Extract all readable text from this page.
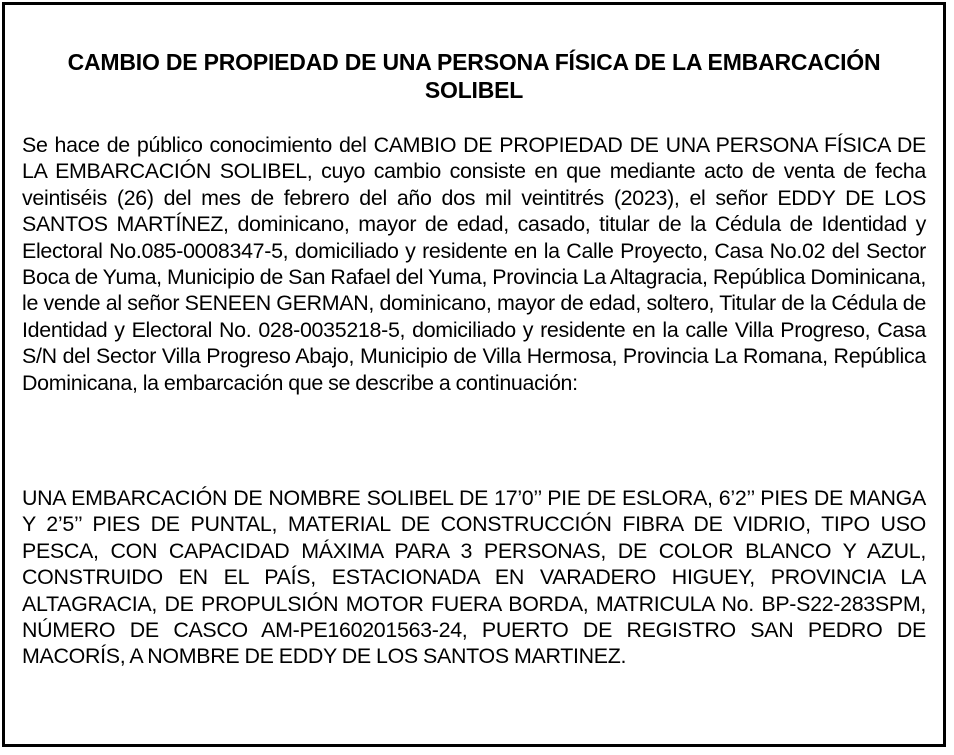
CAMBIO DE PROPIEDAD DE UNA PERSONA FÍSICA DE LA EMBARCACIÓN SOLIBEL

Se hace de público conocimiento del CAMBIO DE PROPIEDAD DE UNA PERSONA FÍSICA DE LA EMBARCACIÓN SOLIBEL, cuyo cambio consiste en que mediante acto de venta de fecha veintiséis (26) del mes de febrero del año dos mil veintitrés (2023), el señor EDDY DE LOS SANTOS MARTÍNEZ, dominicano, mayor de edad, casado, titular de la Cédula de Identidad y Electoral No.085-0008347-5, domiciliado y residente en la Calle Proyecto, Casa No.02 del Sector Boca de Yuma, Municipio de San Rafael del Yuma, Provincia La Altagracia, República Dominicana, le vende al señor SENEEN GERMAN, dominicano, mayor de edad, soltero, Titular de la Cédula de Identidad y Electoral No. 028-0035218-5, domiciliado y residente en la calle Villa Progreso, Casa S/N del Sector Villa Progreso Abajo, Municipio de Villa Hermosa, Provincia La Romana, República Dominicana, la embarcación que se describe a continuación:

UNA EMBARCACIÓN DE NOMBRE SOLIBEL DE 17’0’’ PIE DE ESLORA, 6’2’’ PIES DE MANGA Y 2’5’’ PIES DE PUNTAL, MATERIAL DE CONSTRUCCIÓN FIBRA DE VIDRIO, TIPO USO PESCA, CON CAPACIDAD MÁXIMA PARA 3 PERSONAS, DE COLOR BLANCO Y AZUL, CONSTRUIDO EN EL PAÍS, ESTACIONADA EN VARADERO HIGUEY, PROVINCIA LA ALTAGRACIA, DE PROPULSIÓN MOTOR FUERA BORDA, MATRICULA No. BP-S22-283SPM, NÚMERO DE CASCO AM-PE160201563-24, PUERTO DE REGISTRO SAN PEDRO DE MACORÍS, A NOMBRE DE EDDY DE LOS SANTOS MARTINEZ.
